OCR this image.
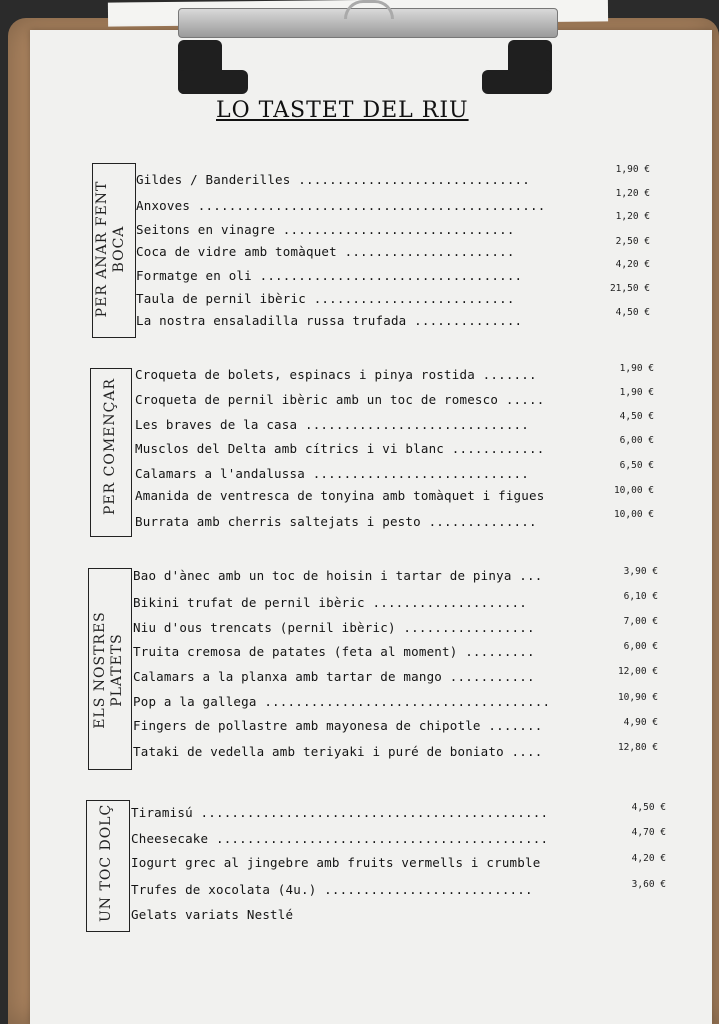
LO TASTET DEL RIU
PER ANAR FENT BOCA
Gildes / Banderilles ..............................
Anxoves .............................................
Seitons en vinagre ..............................
Coca de vidre amb tomàquet ......................
Formatge en oli ..................................
Taula de pernil ibèric ..........................
La nostra ensaladilla russa trufada ..............
1,90 €
1,20 €
1,20 €
2,50 €
4,20 €
21,50 €
4,50 €
PER COMENÇAR
Croqueta de bolets, espinacs i pinya rostida .......
Croqueta de pernil ibèric amb un toc de romesco .....
Les braves de la casa .............................
Musclos del Delta amb cítrics i vi blanc ............
Calamars a l'andalussa ............................
Amanida de ventresca de tonyina amb tomàquet i figues
Burrata amb cherris saltejats i pesto ..............
1,90 €
1,90 €
4,50 €
6,00 €
6,50 €
10,00 €
10,00 €
ELS NOSTRES PLATETS
Bao d'ànec amb un toc de hoisin i tartar de pinya ...
Bikini trufat de pernil ibèric ....................
Niu d'ous trencats (pernil ibèric) .................
Truita cremosa de patates (feta al moment) .........
Calamars a la planxa amb tartar de mango ...........
Pop a la gallega .....................................
Fingers de pollastre amb mayonesa de chipotle .......
Tataki de vedella amb teriyaki i puré de boniato ....
3,90 €
6,10 €
7,00 €
6,00 €
12,00 €
10,90 €
4,90 €
12,80 €
UN TOC DOLÇ Tiramisú .............................................
Cheesecake ...........................................
Iogurt grec al jingebre amb fruits vermells i crumble
Trufes de xocolata (4u.) ...........................
Gelats variats Nestlé
4,50 €
4,70 €
4,20 €
3,60 €
